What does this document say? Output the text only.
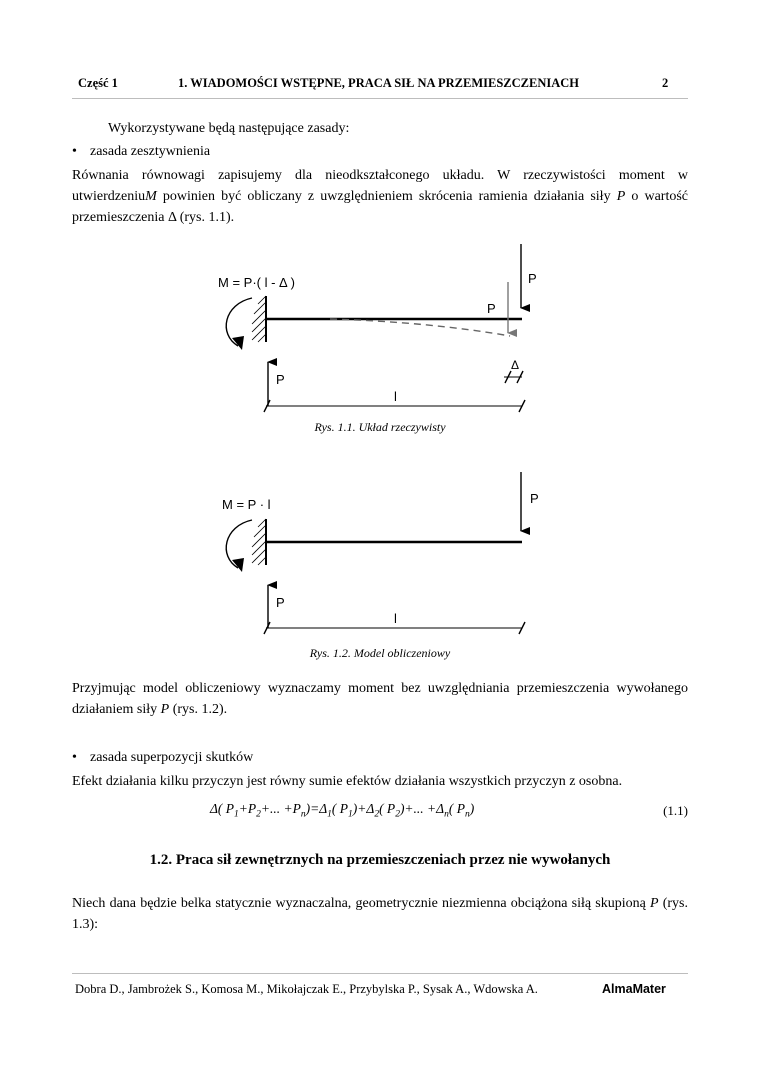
Część 1	1. WIADOMOŚCI WSTĘPNE, PRACA SIŁ NA PRZEMIESZCZENIACH	2
Wykorzystywane będą następujące zasady:
• zasada zesztywnienia
Równania równowagi zapisujemy dla nieodkształconego układu. W rzeczywistości moment w utwierdzeniuM powinien być obliczany z uwzględnieniem skrócenia ramienia działania siły P o wartość przemieszczenia Δ (rys. 1.1).
M = P·( l - Δ )	P
P
P
Δ
l
M = P · l	P
P
l
Rys. 1.1. Układ rzeczywisty
Rys. 1.2. Model obliczeniowy
Przyjmując model obliczeniowy wyznaczamy moment bez uwzględniania przemieszczenia wywołanego działaniem siły P (rys. 1.2).
• zasada superpozycji skutków
Efekt działania kilku przyczyn jest równy sumie efektów działania wszystkich przyczyn z osobna.
Δ( $P_1+P_2+$... $+P_n)=\Delta_1$( $P_1)+\Delta_2$( $P_2)+$... $+\Delta_n$( $P_n$)	(1.1)
1.2. Praca sił zewnętrznych na przemieszczeniach przez nie wywołanych
Niech dana będzie belka statycznie wyznaczalna, geometrycznie niezmienna obciążona siłą skupioną P (rys. 1.3):
Dobra D., Jambrożek S., Komosa M., Mikołajczak E., Przybylska P., Sysak A., Wdowska A.	AlmaMater
